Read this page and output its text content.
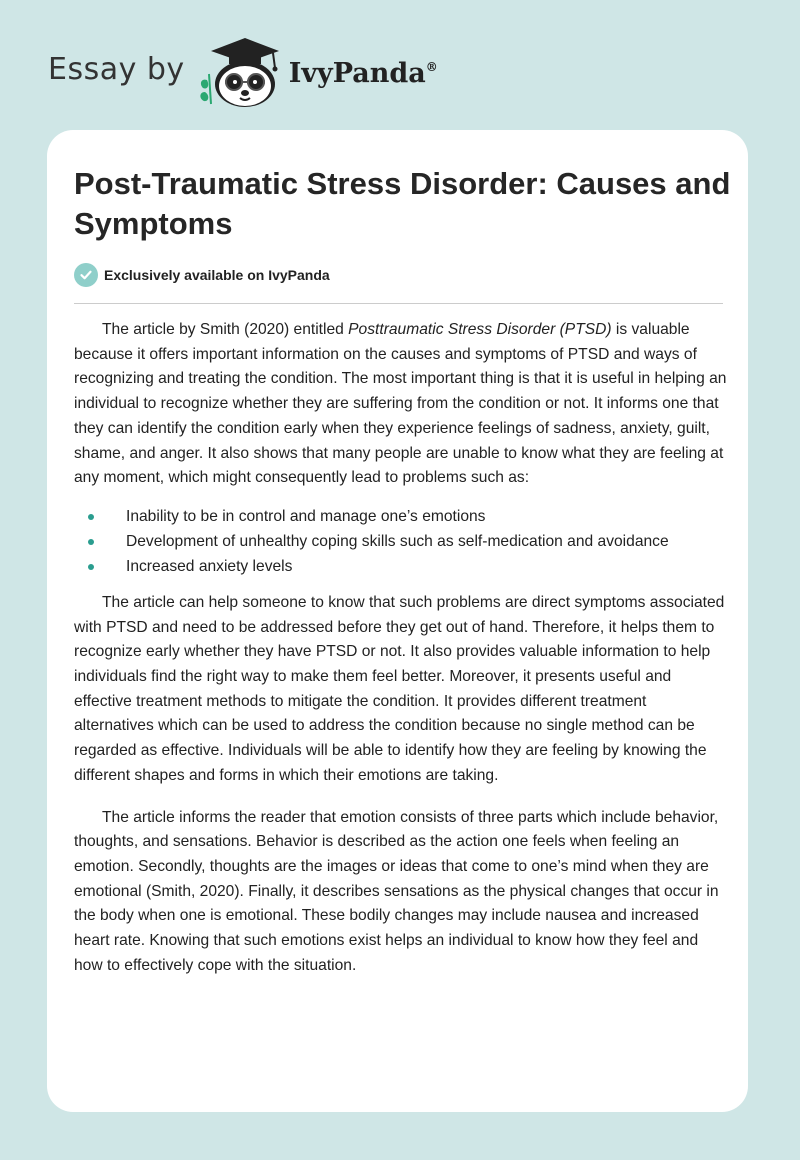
Essay by	IvyPanda®
Post-Traumatic Stress Disorder: Causes and Symptoms
Exclusively available on IvyPanda

The article by Smith (2020) entitled Posttraumatic Stress Disorder (PTSD) is valuable because it offers important information on the causes and symptoms of PTSD and ways of recognizing and treating the condition. The most important thing is that it is useful in helping an individual to recognize whether they are suffering from the condition or not. It informs one that they can identify the condition early when they experience feelings of sadness, anxiety, guilt, shame, and anger. It also shows that many people are unable to know what they are feeling at any moment, which might consequently lead to problems such as:

Inability to be in control and manage one’s emotions
Development of unhealthy coping skills such as self-medication and avoidance
Increased anxiety levels

The article can help someone to know that such problems are direct symptoms associated with PTSD and need to be addressed before they get out of hand. Therefore, it helps them to recognize early whether they have PTSD or not. It also provides valuable information to help individuals find the right way to make them feel better. Moreover, it presents useful and effective treatment methods to mitigate the condition. It provides different treatment alternatives which can be used to address the condition because no single method can be regarded as effective. Individuals will be able to identify how they are feeling by knowing the different shapes and forms in which their emotions are taking.

The article informs the reader that emotion consists of three parts which include behavior, thoughts, and sensations. Behavior is described as the action one feels when feeling an emotion. Secondly, thoughts are the images or ideas that come to one’s mind when they are emotional (Smith, 2020). Finally, it describes sensations as the physical changes that occur in the body when one is emotional. These bodily changes may include nausea and increased heart rate. Knowing that such emotions exist helps an individual to know how they feel and how to effectively cope with the situation.
